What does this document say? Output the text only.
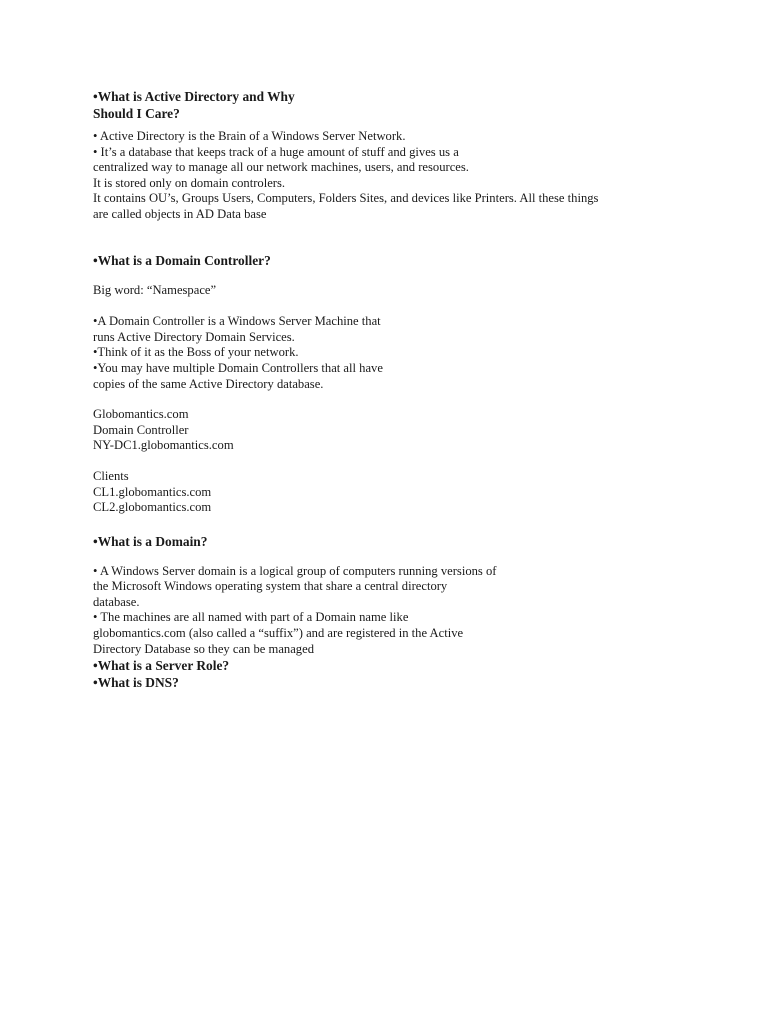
•What is Active Directory and Why
Should I Care?
• Active Directory is the Brain of a Windows Server Network.
• It’s a database that keeps track of a huge amount of stuff and gives us a
centralized way to manage all our network machines, users, and resources.
It is stored only on domain controlers.
It contains OU’s, Groups Users, Computers, Folders Sites, and devices like Printers. All these things
are called objects in AD Data base
•What is a Domain Controller?
Big word: “Namespace”
•A Domain Controller is a Windows Server Machine that
runs Active Directory Domain Services.
•Think of it as the Boss of your network.
•You may have multiple Domain Controllers that all have
copies of the same Active Directory database.
Globomantics.com
Domain Controller
NY-DC1.globomantics.com
Clients
CL1.globomantics.com
CL2.globomantics.com
•What is a Domain?
• A Windows Server domain is a logical group of computers running versions of
the Microsoft Windows operating system that share a central directory
database.
• The machines are all named with part of a Domain name like
globomantics.com (also called a “suffix”) and are registered in the Active
Directory Database so they can be managed
•What is a Server Role?
•What is DNS?
